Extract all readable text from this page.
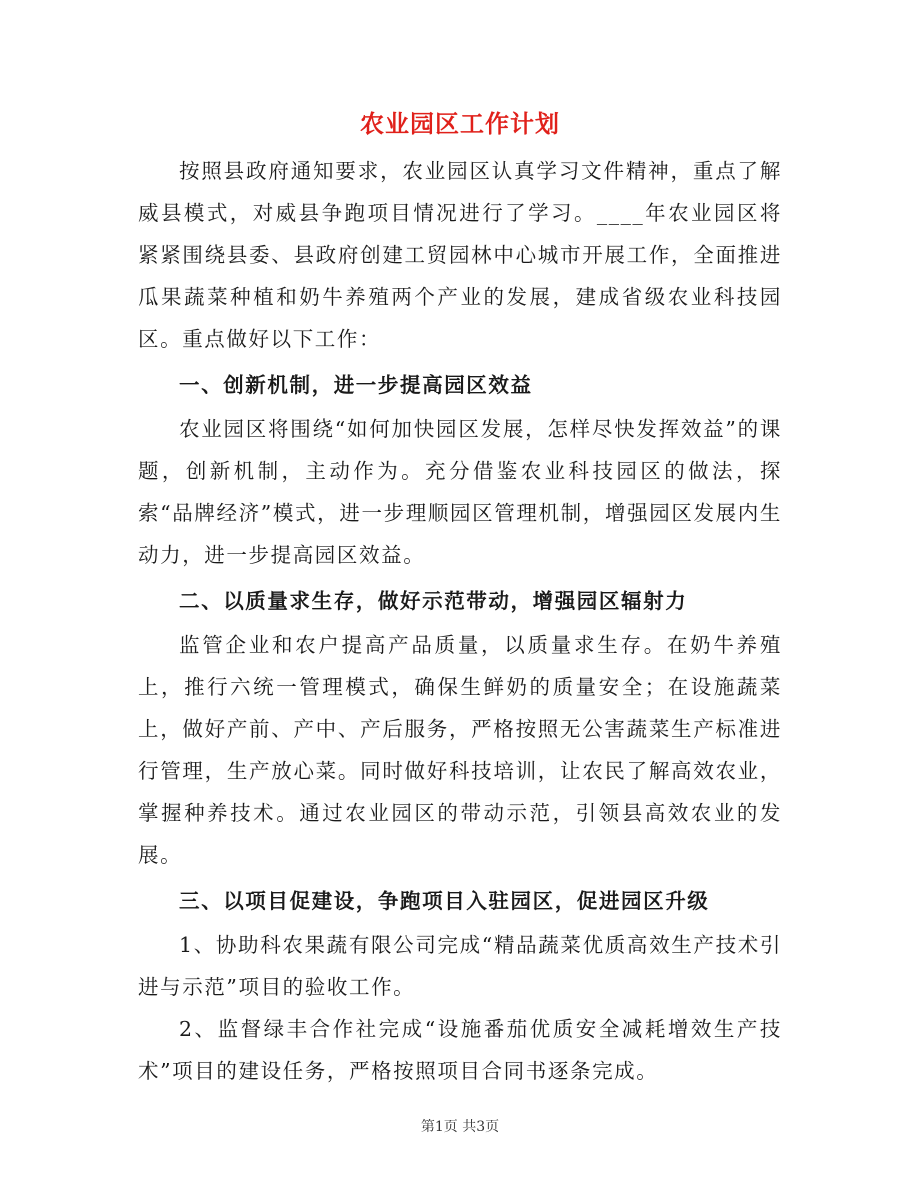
农业园区工作计划

按照县政府通知要求，农业园区认真学习文件精神，重点了解威县模式，对威县争跑项目情况进行了学习。____年农业园区将紧紧围绕县委、县政府创建工贸园林中心城市开展工作，全面推进瓜果蔬菜种植和奶牛养殖两个产业的发展，建成省级农业科技园区。重点做好以下工作：

一、创新机制，进一步提高园区效益

农业园区将围绕“如何加快园区发展，怎样尽快发挥效益”的课题，创新机制，主动作为。充分借鉴农业科技园区的做法，探索“品牌经济”模式，进一步理顺园区管理机制，增强园区发展内生动力，进一步提高园区效益。

二、以质量求生存，做好示范带动，增强园区辐射力

监管企业和农户提高产品质量，以质量求生存。在奶牛养殖上，推行六统一管理模式，确保生鲜奶的质量安全；在设施蔬菜上，做好产前、产中、产后服务，严格按照无公害蔬菜生产标准进行管理，生产放心菜。同时做好科技培训，让农民了解高效农业，掌握种养技术。通过农业园区的带动示范，引领县高效农业的发展。

三、以项目促建设，争跑项目入驻园区，促进园区升级

1、协助科农果蔬有限公司完成“精品蔬菜优质高效生产技术引进与示范”项目的验收工作。

2、监督绿丰合作社完成“设施番茄优质安全减耗增效生产技术”项目的建设任务，严格按照项目合同书逐条完成。

第1页 共3页
